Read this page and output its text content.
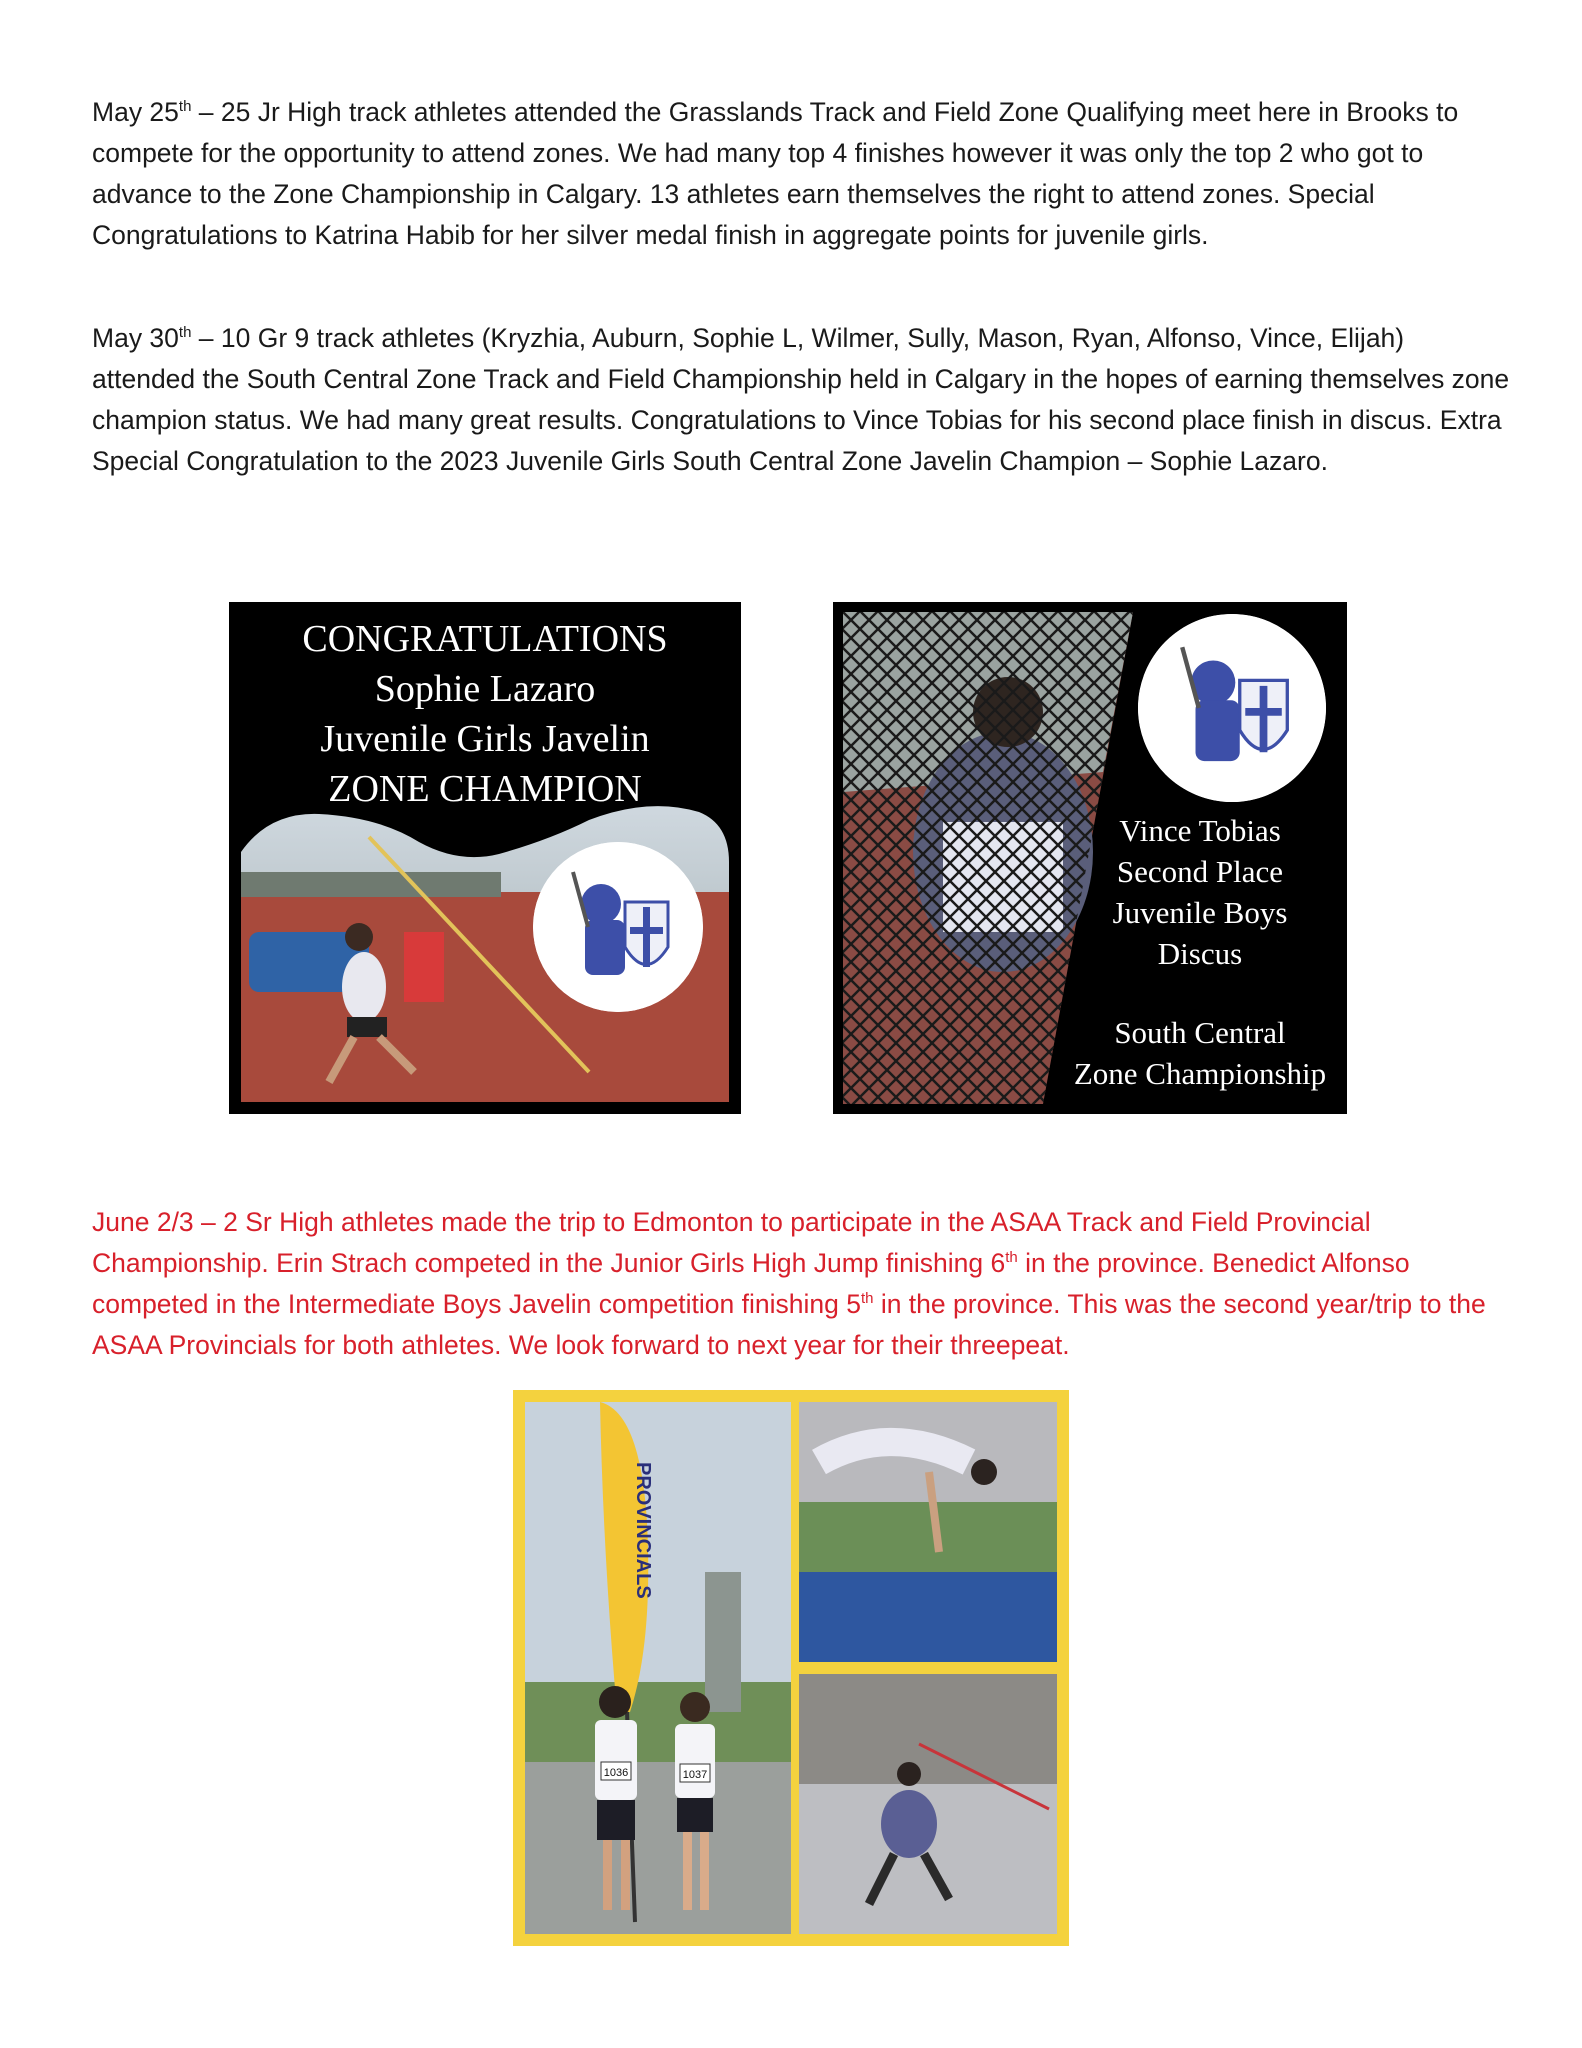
May 25th – 25 Jr High track athletes attended the Grasslands Track and Field Zone Qualifying meet here in Brooks to compete for the opportunity to attend zones. We had many top 4 finishes however it was only the top 2 who got to advance to the Zone Championship in Calgary. 13 athletes earn themselves the right to attend zones. Special Congratulations to Katrina Habib for her silver medal finish in aggregate points for juvenile girls.

May 30th – 10 Gr 9 track athletes (Kryzhia, Auburn, Sophie L, Wilmer, Sully, Mason, Ryan, Alfonso, Vince, Elijah) attended the South Central Zone Track and Field Championship held in Calgary in the hopes of earning themselves zone champion status. We had many great results. Congratulations to Vince Tobias for his second place finish in discus. Extra Special Congratulation to the 2023 Juvenile Girls South Central Zone Javelin Champion – Sophie Lazaro.

CONGRATULATIONS
Sophie Lazaro
Juvenile Girls Javelin
ZONE CHAMPION
Vince Tobias
Second Place
Juvenile Boys
Discus
South Central
Zone Championship

June 2/3 – 2 Sr High athletes made the trip to Edmonton to participate in the ASAA Track and Field Provincial Championship. Erin Strach competed in the Junior Girls High Jump finishing 6th in the province. Benedict Alfonso competed in the Intermediate Boys Javelin competition finishing 5th in the province. This was the second year/trip to the ASAA Provincials for both athletes. We look forward to next year for their threepeat.

PROVINCIALS
1036	1037
